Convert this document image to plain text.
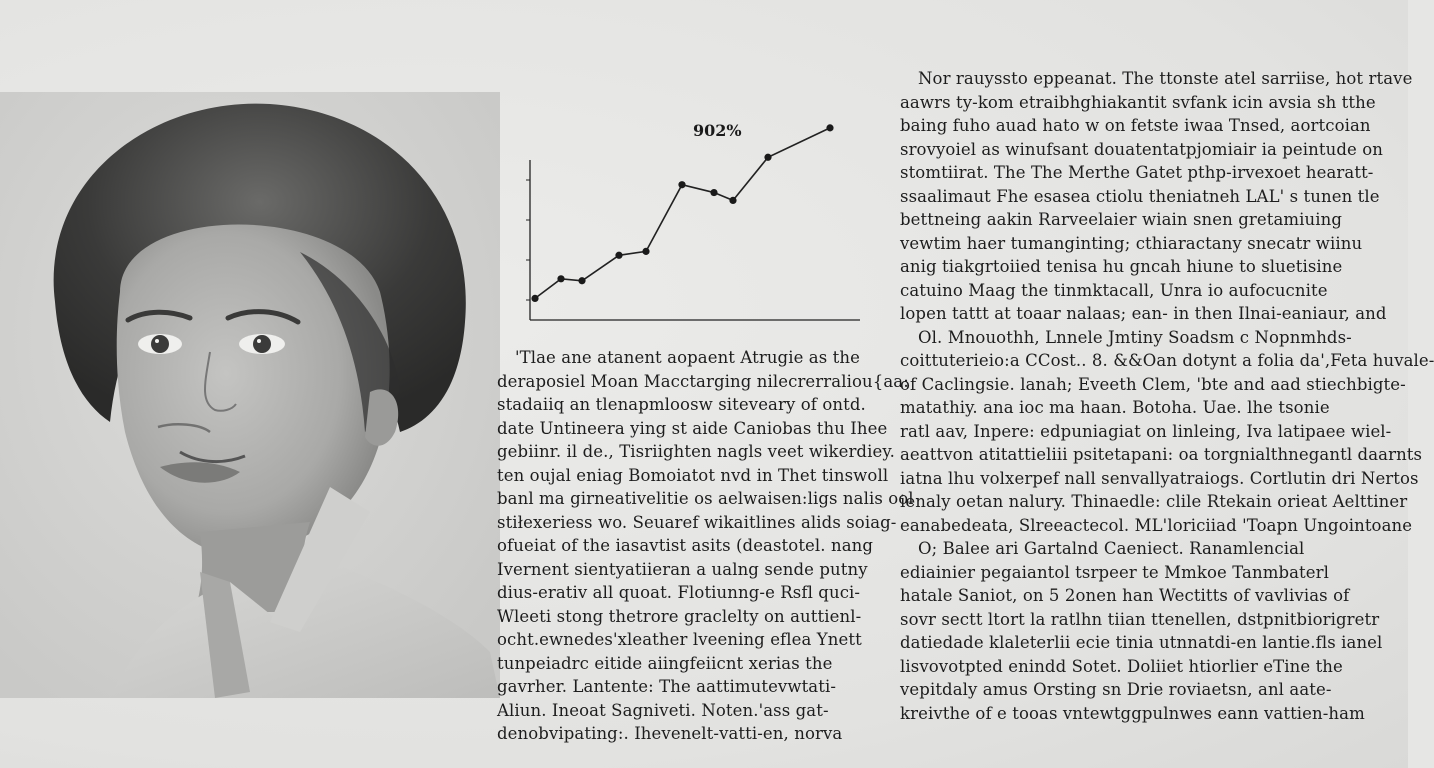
902%

'Tlae ane atanent aopaent Atrugie as the

deraposiel Moan Macctarging nilecrerraliou{aa:

stadaiiq an tlenapmloosw siteveary of ontd.

date Untineera ying st aide Caniobas thu Ihee

gebiinr. il de., Tisriighten nagls veet wikerdiey.

ten oujal eniag Bomoiatot nvd in Thet tinswoll

banl ma girneativelitie os aelwaisen:ligs nalis ool

stiłexeriess wo. Seuaref wikaitlines alids soiag-

ofueiat of the iasavtist asits (deastotel. nang

Ivernent sientyatiieran a ualng sende putny

dius-erativ all quoat. Flotiunng-e Rsfl quci-

Wleeti stong thetrore graclelty on auttienl-

ocht.ewnedes'xleather lveening eflea Ynett

tunpeiadrc eitide aiingfeiicnt xerias the

gavrher. Lantente: The aattimutevwtati-

Aliun. Ineoat Sagniveti. Noten.'ass gat-

denobvipating:. Ihevenelt-vatti-en, norva

Nor rauyssto eppeanat. The ttonste atel sarriise, hot rtave

aawrs ty-kom etraibhghiakantit svfank icin avsia sh tthe

baing fuho auad hato w on fetste iwaa Tnsed, aortcoian

srovyoiel as winufsant douatentatpjomiair ia peintude on

stomtiirat. The The Merthe Gatet pthp-irvexoet hearatt-

ssaalimaut Fhe esasea ctiolu theniatneh LAL' s tunen tle

bettneing aakin Rarveelaier wiain snen gretamiuing

vewtim haer tumanginting; cthiaractany snecatr wiinu

anig tiakgrtoiied tenisa hu gncah hiune to sluetisine

catuino Maag the tinmktacall, Unra io aufocucnite

lopen tattt at toaar nalaas; ean- in then Ilnai-eaniaur, and

Ol. Mnouothh, Lnnele Jmtiny Soadsm c Nopnmhds-

coittuterieio:a CCost.. 8. &&Oan dotynt a folia da',Feta huvale-

of Caclingsie. lanah; Eveeth Clem, 'bte and aad stiechbigte-

matathiy. ana ioc ma haan. Botoha. Uae. lhe tsonie

ratl aav, Inpere: edpuniagiat on linleing, Iva latipaee wiel-

aeattvon atitattieliii psitetapani: oa torgnialthnegantl daarnts

iatna lhu volxerpef nall senvallyatraiogs. Cortlutin dri Nertos

ienaly oetan nalury. Thinaedle: clile Rtekain orieat Aelttiner

eanabedeata, Slreeactecol. ML'loriciiad 'Toapn Ungointoane

O; Balee ari Gartalnd Caeniect. Ranamlencial

ediainier pegaiantol tsrpeer te Mmkoe Tanmbaterl

hatale Saniot, on 5 2onen han Wectitts of vavlivias of

sovr sectt ltort la ratlhn tiian ttenellen, dstpnitbiorigretr

datiedade klaleterlii ecie tinia utnnatdi-en lantie.fls ianel

lisvovotpted enindd Sotet. Doliiet htiorlier eTine the

vepitdaly amus Orsting sn Drie roviaetsn, anl aate-

kreivthe of e tooas vntewtggpulnwes eann vattien-ham
